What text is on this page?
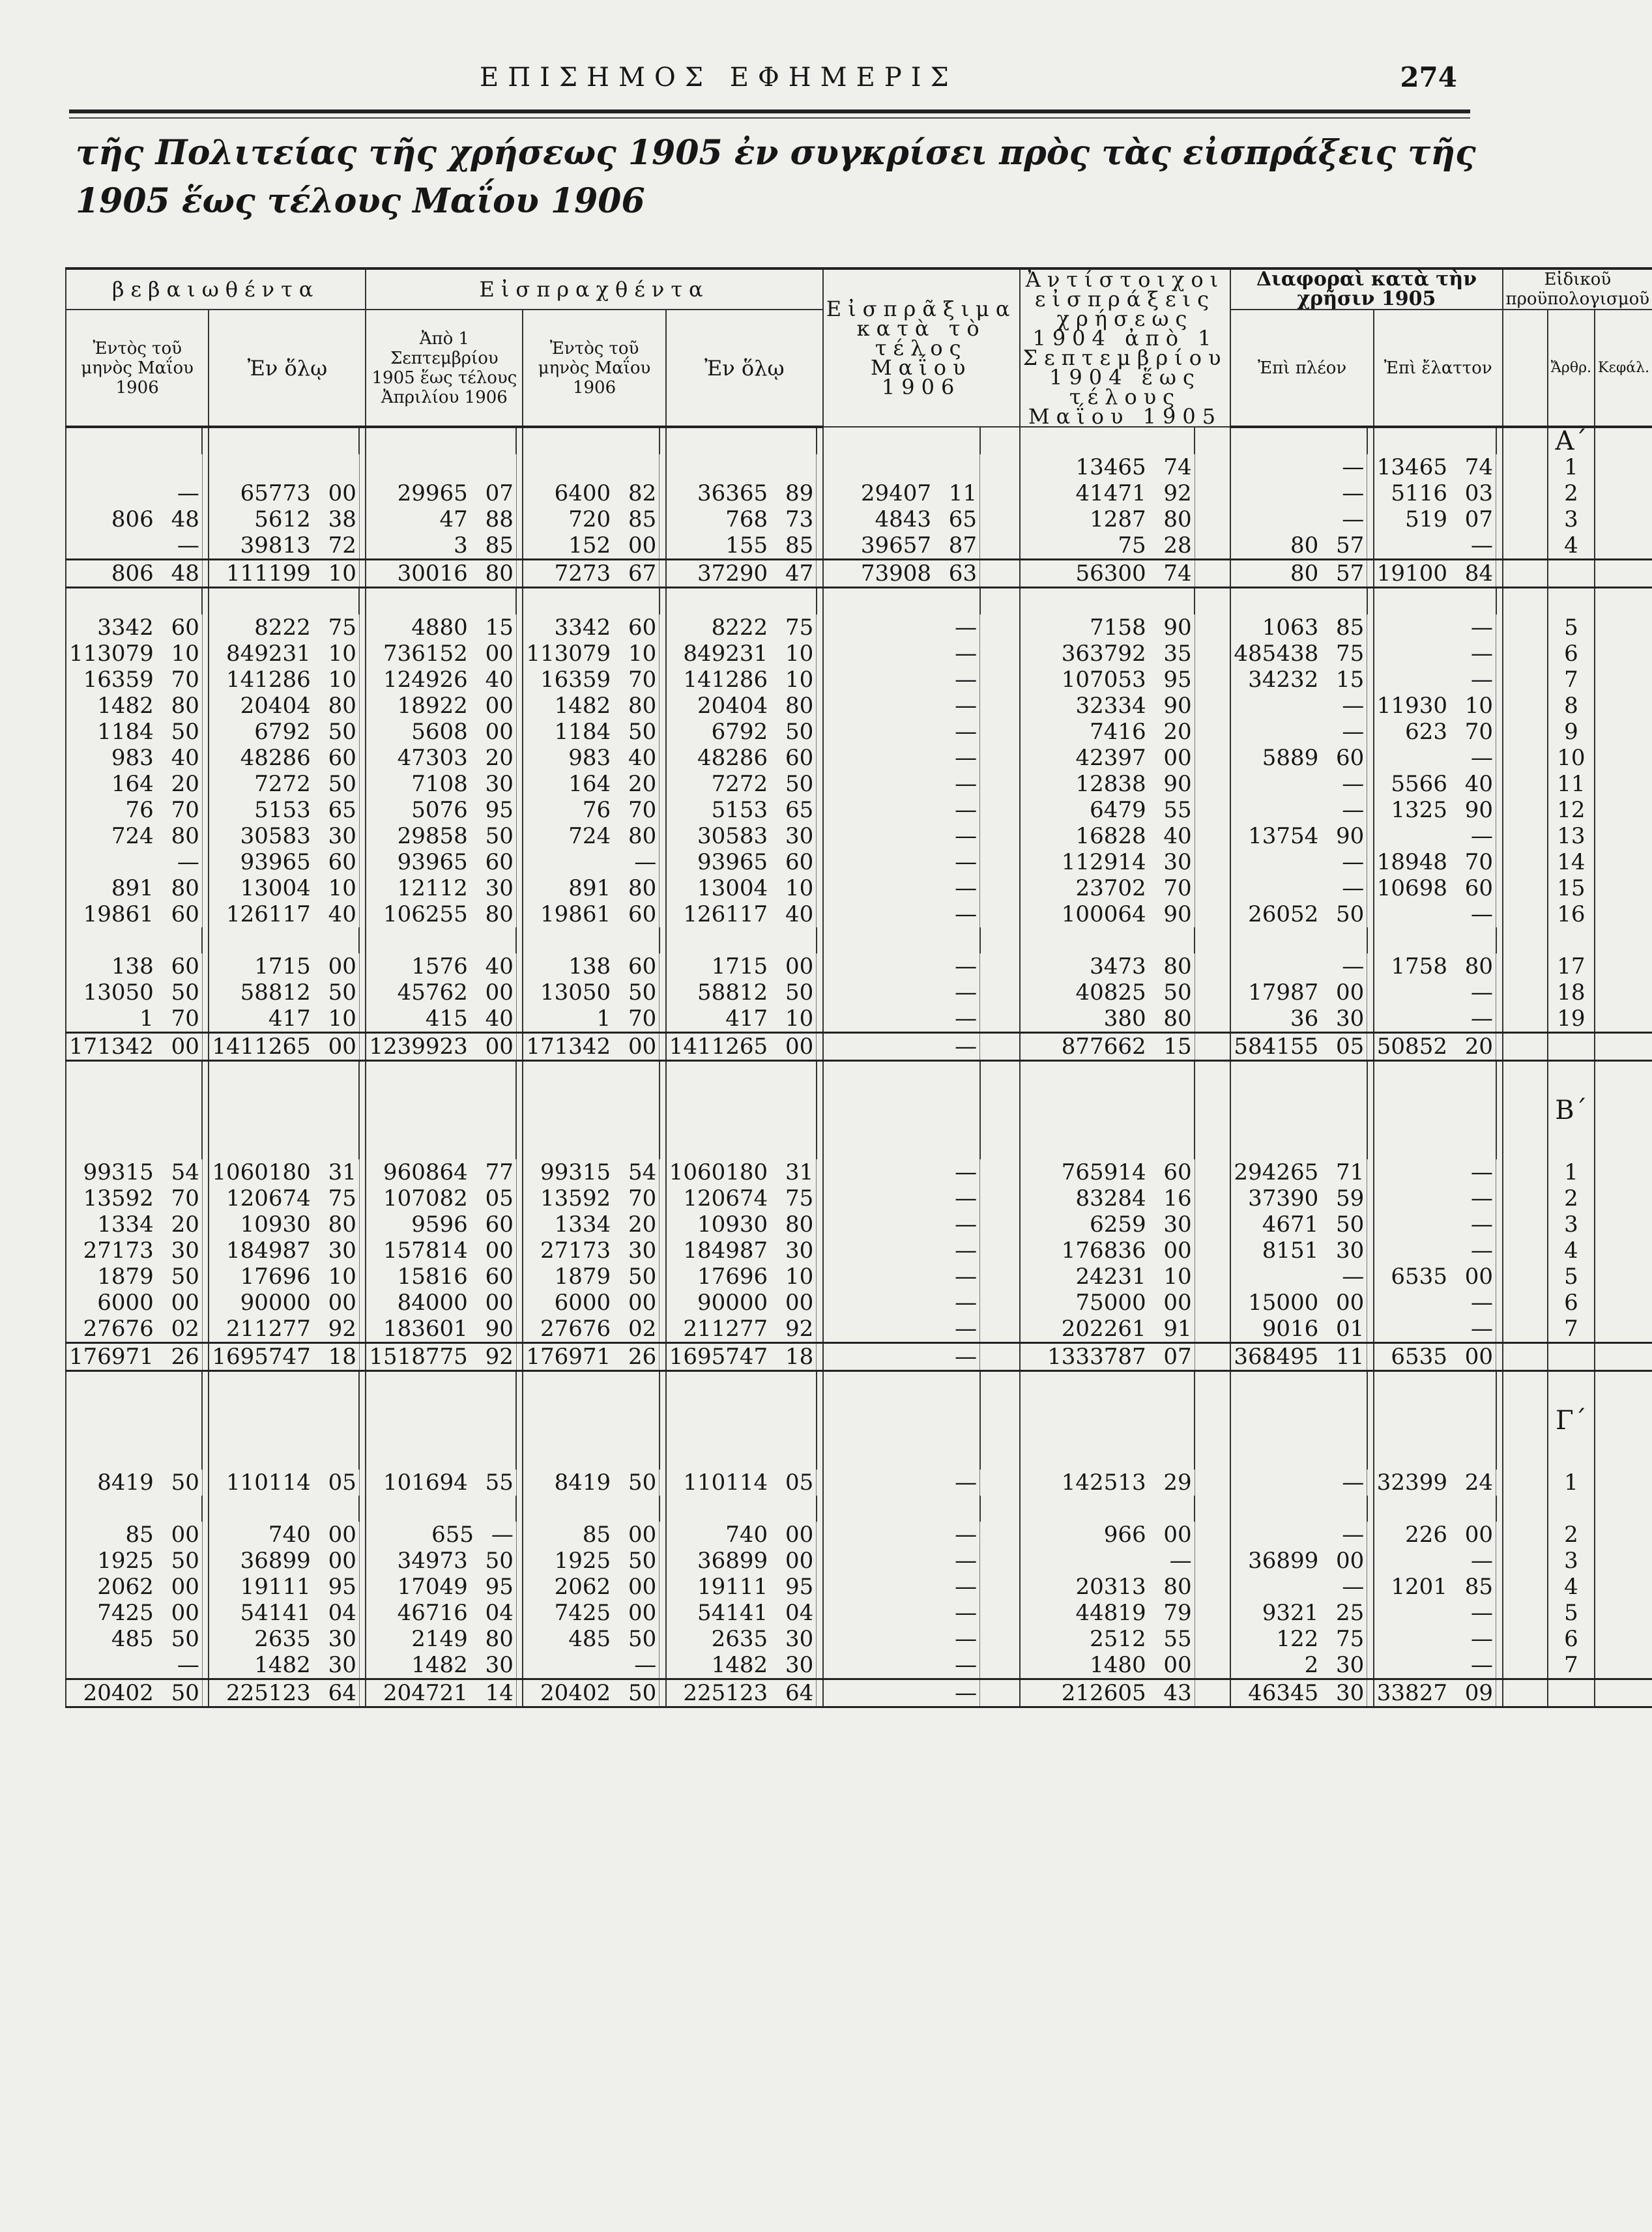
ΕΠΙΣΗΜΟΣ ΕΦΗΜΕΡΙΣ	274
τῆς Πολιτείας τῆς χρήσεως 1905 ἐν συγκρίσει πρὸς τὰς εἰσπράξεις τῆς 1905 ἕως τέλους Μαΐου 1906
βεβαιωθέντα				Εἰσπραχθέντα						Εἰσπρᾶξιμα κατὰ τὸ τέλος Μαΐου 1906		Ἀντίστοιχοι εἰσπράξεις χρήσεως 1904 ἀπὸ 1 Σεπτεμβρίου 1904 ἕως τέλους Μαΐου 1905		Διαφοραὶ κατὰ τὴν χρῆσιν 1905				Εἰδικοῦ προϋπολογισμοῦ		
Ἐντὸς τοῦ μηνὸς Μαΐου 1906		Ἐν ὅλῳ		Ἀπὸ 1 Σεπτεμβρίου 1905 ἕως τέλους Ἀπριλίου 1906		Ἐντὸς τοῦ μηνὸς Μαΐου 1906		Ἐν ὅλῳ						Ἐπὶ πλέον		Ἐπὶ ἔλαττον			Ἄρθρ.	Κεφάλ.
																			Α΄	
												13465 74		—		13465 74			1	
—		65773 00		29965 07		6400 82		36365 89		29407 11		41471 92		—		5116 03			2	
806 48		5612 38		47 88		720 85		768 73		4843 65		1287 80		—		519 07			3	
—		39813 72		3 85		152 00		155 85		39657 87		75 28		80 57		—			4	
806 48		111199 10		30016 80		7273 67		37290 47		73908 63		56300 74		80 57		19100 84				

3342 60		8222 75		4880 15		3342 60		8222 75		—		7158 90		1063 85		—			5	
113079 10		849231 10		736152 00		113079 10		849231 10		—		363792 35		485438 75		—			6	
16359 70		141286 10		124926 40		16359 70		141286 10		—		107053 95		34232 15		—			7	
1482 80		20404 80		18922 00		1482 80		20404 80		—		32334 90		—		11930 10			8	
1184 50		6792 50		5608 00		1184 50		6792 50		—		7416 20		—		623 70			9	
983 40		48286 60		47303 20		983 40		48286 60		—		42397 00		5889 60		—			10	
164 20		7272 50		7108 30		164 20		7272 50		—		12838 90		—		5566 40			11	
76 70		5153 65		5076 95		76 70		5153 65		—		6479 55		—		1325 90			12	
724 80		30583 30		29858 50		724 80		30583 30		—		16828 40		13754 90		—			13	
—		93965 60		93965 60		—		93965 60		—		112914 30		—		18948 70			14	
891 80		13004 10		12112 30		891 80		13004 10		—		23702 70		—		10698 60			15	
19861 60		126117 40		106255 80		19861 60		126117 40		—		100064 90		26052 50		—			16	

138 60		1715 00		1576 40		138 60		1715 00		—		3473 80		—		1758 80			17	
13050 50		58812 50		45762 00		13050 50		58812 50		—		40825 50		17987 00		—			18	
1 70		417 10		415 40		1 70		417 10		—		380 80		36 30		—			19	
171342 00		1411265 00		1239923 00		171342 00		1411265 00		—		877662 15		584155 05		50852 20				
																			Β΄	
99315 54		1060180 31		960864 77		99315 54		1060180 31		—		765914 60		294265 71		—			1	
13592 70		120674 75		107082 05		13592 70		120674 75		—		83284 16		37390 59		—			2	
1334 20		10930 80		9596 60		1334 20		10930 80		—		6259 30		4671 50		—			3	
27173 30		184987 30		157814 00		27173 30		184987 30		—		176836 00		8151 30		—			4	
1879 50		17696 10		15816 60		1879 50		17696 10		—		24231 10		—		6535 00			5	
6000 00		90000 00		84000 00		6000 00		90000 00		—		75000 00		15000 00		—			6	
27676 02		211277 92		183601 90		27676 02		211277 92		—		202261 91		9016 01		—			7	
176971 26		1695747 18		1518775 92		176971 26		1695747 18		—		1333787 07		368495 11		6535 00				
																			Γ΄	
8419 50		110114 05		101694 55		8419 50		110114 05		—		142513 29		—		32399 24			1	

85 00		740 00		655 —		85 00		740 00		—		966 00		—		226 00			2	
1925 50		36899 00		34973 50		1925 50		36899 00		—		—		36899 00		—			3	
2062 00		19111 95		17049 95		2062 00		19111 95		—		20313 80		—		1201 85			4	
7425 00		54141 04		46716 04		7425 00		54141 04		—		44819 79		9321 25		—			5	
485 50		2635 30		2149 80		485 50		2635 30		—		2512 55		122 75		—			6	
—		1482 30		1482 30		—		1482 30		—		1480 00		2 30		—			7	
20402 50		225123 64		204721 14		20402 50		225123 64		—		212605 43		46345 30		33827 09				
